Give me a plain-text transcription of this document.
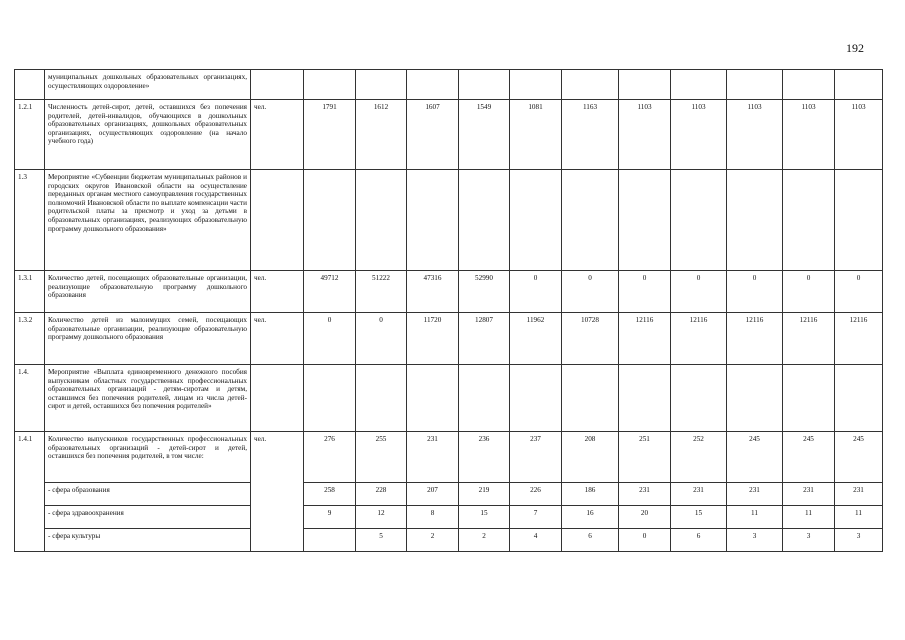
192
	муниципальных дошкольных образовательных организациях, осуществляющих оздоровление»												
1.2.1	Численность детей-сирот, детей, оставшихся без попечения родителей, детей-инвалидов, обучающихся в дошкольных образовательных организациях, дошкольных образовательных организациях, осуществляющих оздоровление (на начало учебного года)	чел.	1791	1612	1607	1549	1081	1163	1103	1103	1103	1103	1103
1.3	Мероприятие «Субвенции бюджетам муниципальных районов и городских округов Ивановской области на осуществление переданных органам местного самоуправления государственных полномочий Ивановской области по выплате компенсации части родительской платы за присмотр и уход за детьми в образовательных организациях, реализующих образовательную программу дошкольного образования»												
1.3.1	Количество детей, посещающих образовательные организации, реализующие образовательную программу дошкольного образования	чел.	49712	51222	47316	52990	0	0	0	0	0	0	0
1.3.2	Количество детей из малоимущих семей, посещающих образовательные организации, реализующие образовательную программу дошкольного образования	чел.	0	0	11720	12807	11962	10728	12116	12116	12116	12116	12116
1.4.	Мероприятие «Выплата единовременного денежного пособия выпускникам областных государственных профессиональных образовательных организаций - детям-сиротам и детям, оставшимся без попечения родителей, лицам из числа детей-сирот и детей, оставшихся без попечения родителей»												
1.4.1	Количество выпускников государственных профессиональных образовательных организаций - детей-сирот и детей, оставшихся без попечения родителей, в том числе:	чел.	276	255	231	236	237	208	251	252	245	245	245
	- сфера образования		258	228	207	219	226	186	231	231	231	231	231
	- сфера здравоохранения		9	12	8	15	7	16	20	15	11	11	11
	- сфера культуры			5	2	2	4	6	0	6	3	3	3
